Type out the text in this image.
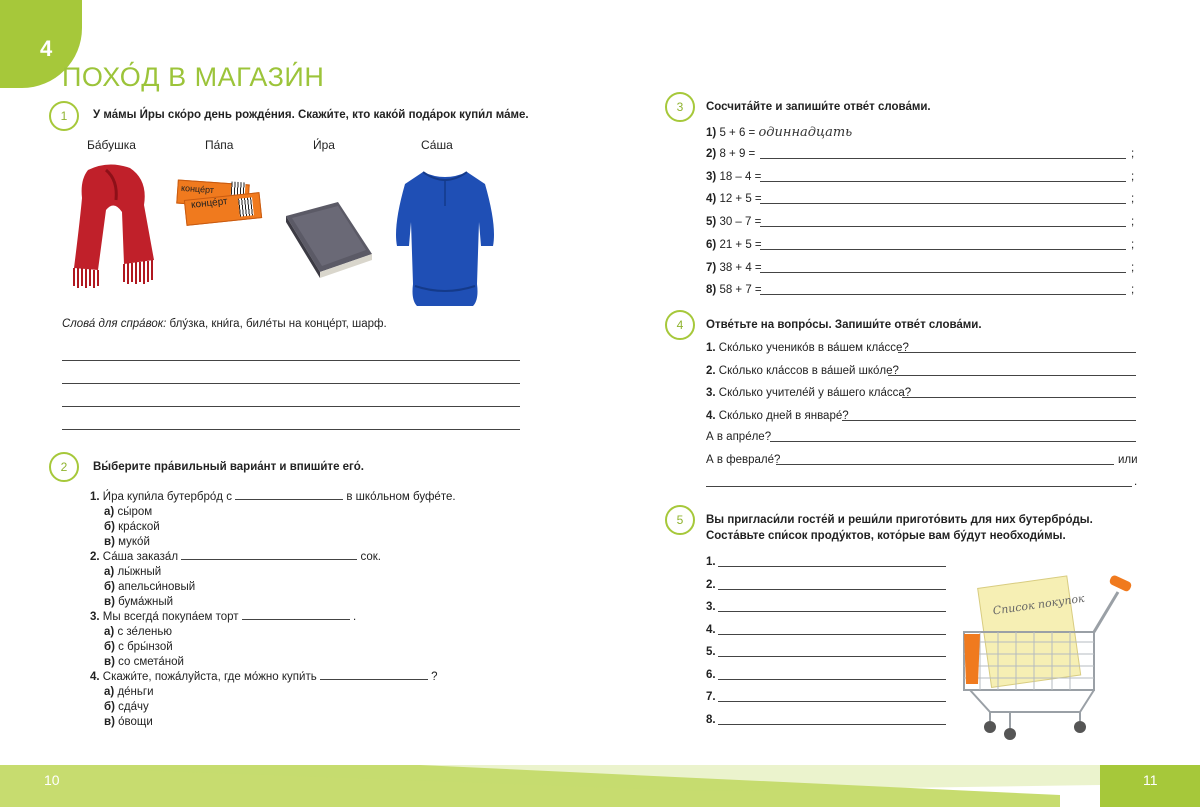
4
ПОХО́Д В МАГАЗИ́Н
1	У ма́мы И́ры ско́ро день рожде́ния. Скажи́те, кто како́й пода́рок купи́л ма́ме.
Ба́бушка	Па́па	И́ра	Са́ша
конце́рт
конце́рт
Слова́ для спра́вок: блу́зка, кни́га, биле́ты на конце́рт, шарф.
2	Вы́берите пра́вильный вариа́нт и впиши́те его́.
1. И́ра купи́ла бутербро́д с	в шко́льном буфе́те.
а) сы́ром
б) кра́ской
в) муко́й
2. Са́ша заказа́л	сок.
а) лы́жный
б) апельси́новый
в) бума́жный
3. Мы всегда́ покупа́ем торт	.
а) с зе́ленью
б) с бры́нзой
в) со смета́ной
4. Скажи́те, пожа́луйста, где мо́жно купи́ть	?
а) де́ньги
б) сда́чу
в) о́вощи
3	Сосчита́йте и запиши́те отве́т слова́ми.
1) 5 + 6 = одиннадцать
2) 8 + 9 =	;
3) 18 – 4 =	;
4) 12 + 5 =	;
5) 30 – 7 =	;
6) 21 + 5 =	;
7) 38 + 4 =	;
8) 58 + 7 =	;
4	Отве́тьте на вопро́сы. Запиши́те отве́т слова́ми.
1. Ско́лько ученико́в в ва́шем кла́ссе?
2. Ско́лько кла́ссов в ва́шей шко́ле?
3. Ско́лько учителе́й у ва́шего кла́сса?
4. Ско́лько дней в январе́?
А в апре́ле?
А в феврале́?	или
.
5	Вы пригласи́ли госте́й и реши́ли пригото́вить для них бутербро́ды.
Соста́вьте спи́сок проду́ктов, кото́рые вам бу́дут необходи́мы.
1.
2.
3.
4.
5.
6.
7.
8.
Список покупок
10	11
